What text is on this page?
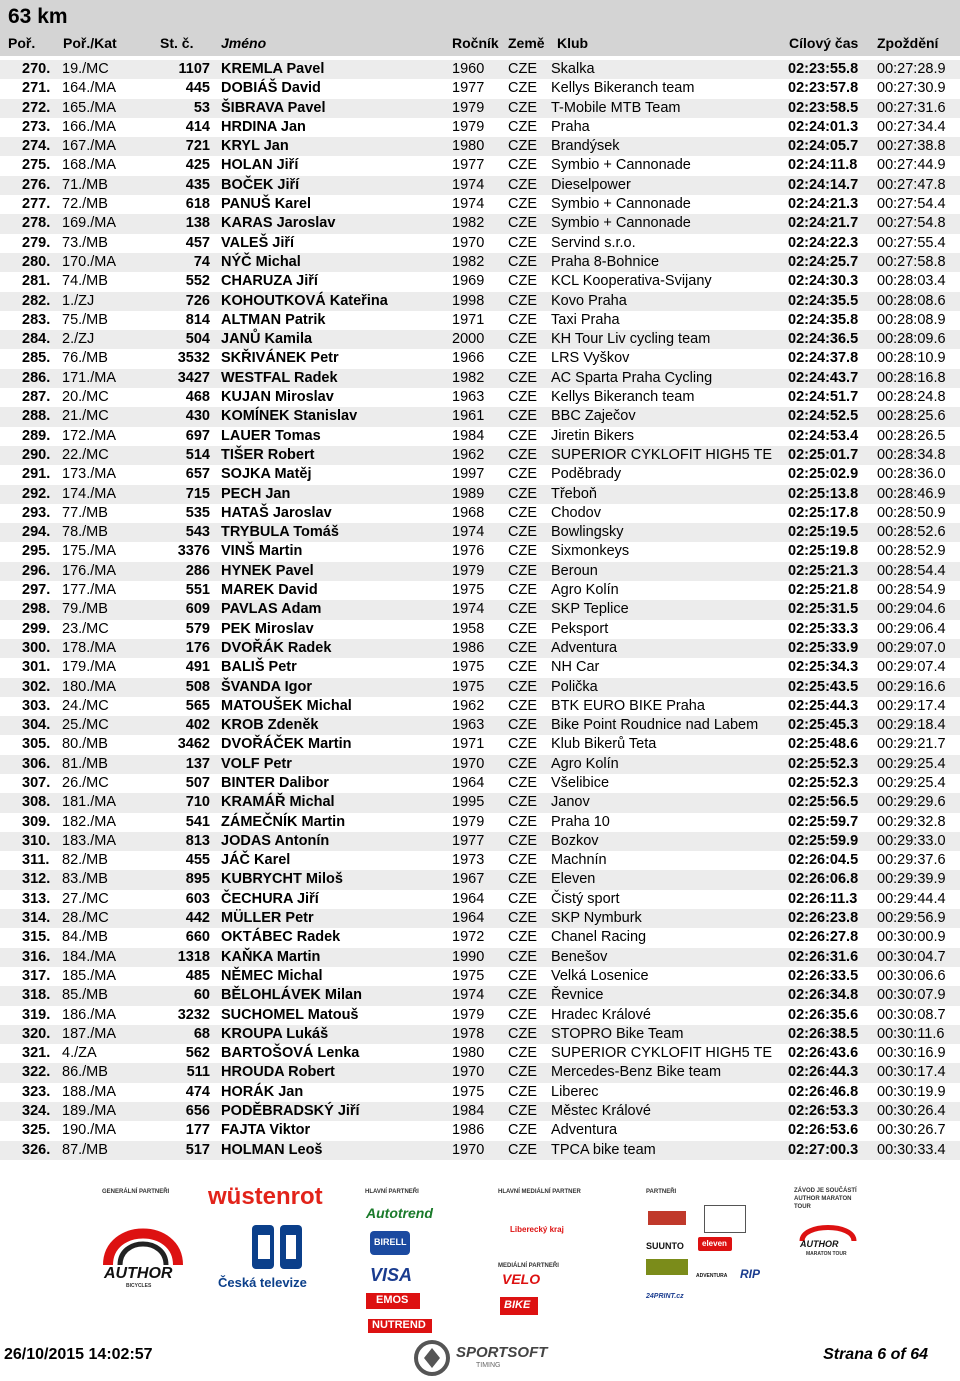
63 km
Poř. Poř./Kat	St. č. Jméno	Ročník Země Klub	Cílový čas Zpoždění
270. 19./MC	1107 KREMLA Pavel	1960 CZE Skalka	02:23:55.8 00:27:28.9
271. 164./MA	445 DOBIÁŠ David	1977 CZE Kellys Bikeranch team	02:23:57.8 00:27:30.9
272. 165./MA	53 ŠIBRAVA Pavel	1979 CZE T-Mobile MTB Team	02:23:58.5 00:27:31.6
273. 166./MA	414 HRDINA Jan	1979 CZE Praha	02:24:01.3 00:27:34.4
274. 167./MA	721 KRYL Jan	1980 CZE Brandýsek	02:24:05.7 00:27:38.8
275. 168./MA	425 HOLAN Jiří	1977 CZE Symbio + Cannonade	02:24:11.8 00:27:44.9
276. 71./MB	435 BOČEK Jiří	1974 CZE Dieselpower	02:24:14.7 00:27:47.8
277. 72./MB	618 PANUŠ Karel	1974 CZE Symbio + Cannonade	02:24:21.3 00:27:54.4
278. 169./MA	138 KARAS Jaroslav	1982 CZE Symbio + Cannonade	02:24:21.7 00:27:54.8
279. 73./MB	457 VALEŠ Jiří	1970 CZE Servind s.r.o.	02:24:22.3 00:27:55.4
280. 170./MA	74 NÝČ Michal	1982 CZE Praha 8-Bohnice	02:24:25.7 00:27:58.8
281. 74./MB	552 CHARUZA Jiří	1969 CZE KCL Kooperativa-Svijany	02:24:30.3 00:28:03.4
282. 1./ZJ	726 KOHOUTKOVÁ Kateřina	1998 CZE Kovo Praha	02:24:35.5 00:28:08.6
283. 75./MB	814 ALTMAN Patrik	1971 CZE Taxi Praha	02:24:35.8 00:28:08.9
284. 2./ZJ	504 JANŮ Kamila	2000 CZE KH Tour Liv cycling team	02:24:36.5 00:28:09.6
285. 76./MB	3532 SKŘIVÁNEK Petr	1966 CZE LRS Vyškov	02:24:37.8 00:28:10.9
286. 171./MA	3427 WESTFAL Radek	1982 CZE AC Sparta Praha Cycling	02:24:43.7 00:28:16.8
287. 20./MC	468 KUJAN Miroslav	1963 CZE Kellys Bikeranch team	02:24:51.7 00:28:24.8
288. 21./MC	430 KOMÍNEK Stanislav	1961 CZE BBC Zaječov	02:24:52.5 00:28:25.6
289. 172./MA	697 LAUER Tomas	1984 CZE Jiretin Bikers	02:24:53.4 00:28:26.5
290. 22./MC	514 TIŠER Robert	1962 CZE SUPERIOR CYKLOFIT HIGH5 TE 02:25:01.7 00:28:34.8
291. 173./MA	657 SOJKA Matěj	1997 CZE Poděbrady	02:25:02.9 00:28:36.0
292. 174./MA	715 PECH Jan	1989 CZE Třeboň	02:25:13.8 00:28:46.9
293. 77./MB	535 HATAŠ Jaroslav	1968 CZE Chodov	02:25:17.8 00:28:50.9
294. 78./MB	543 TRYBULA Tomáš	1974 CZE Bowlingsky	02:25:19.5 00:28:52.6
295. 175./MA	3376 VINŠ Martin	1976 CZE Sixmonkeys	02:25:19.8 00:28:52.9
296. 176./MA	286 HYNEK Pavel	1979 CZE Beroun	02:25:21.3 00:28:54.4
297. 177./MA	551 MAREK David	1975 CZE Agro Kolín	02:25:21.8 00:28:54.9
298. 79./MB	609 PAVLAS Adam	1974 CZE SKP Teplice	02:25:31.5 00:29:04.6
299. 23./MC	579 PEK Miroslav	1958 CZE Peksport	02:25:33.3 00:29:06.4
300. 178./MA	176 DVOŘÁK Radek	1986 CZE Adventura	02:25:33.9 00:29:07.0
301. 179./MA	491 BALIŠ Petr	1975 CZE NH Car	02:25:34.3 00:29:07.4
302. 180./MA	508 ŠVANDA Igor	1975 CZE Polička	02:25:43.5 00:29:16.6
303. 24./MC	565 MATOUŠEK Michal	1962 CZE BTK EURO BIKE Praha	02:25:44.3 00:29:17.4
304. 25./MC	402 KROB Zdeněk	1963 CZE Bike Point Roudnice nad Labem 02:25:45.3 00:29:18.4
305. 80./MB	3462 DVOŘÁČEK Martin	1971 CZE Klub Bikerů Teta	02:25:48.6 00:29:21.7
306. 81./MB	137 VOLF Petr	1970 CZE Agro Kolín	02:25:52.3 00:29:25.4
307. 26./MC	507 BINTER Dalibor	1964 CZE Všelibice	02:25:52.3 00:29:25.4
308. 181./MA	710 KRAMÁŘ Michal	1995 CZE Janov	02:25:56.5 00:29:29.6
309. 182./MA	541 ZÁMEČNÍK Martin	1979 CZE Praha 10	02:25:59.7 00:29:32.8
310. 183./MA	813 JODAS Antonín	1977 CZE Bozkov	02:25:59.9 00:29:33.0
311. 82./MB	455 JÁČ Karel	1973 CZE Machnín	02:26:04.5 00:29:37.6
312. 83./MB	895 KUBRYCHT Miloš	1967 CZE Eleven	02:26:06.8 00:29:39.9
313. 27./MC	603 ČECHURA Jiří	1964 CZE Čistý sport	02:26:11.3 00:29:44.4
314. 28./MC	442 MÜLLER Petr	1964 CZE SKP Nymburk	02:26:23.8 00:29:56.9
315. 84./MB	660 OKTÁBEC Radek	1972 CZE Chanel Racing	02:26:27.8 00:30:00.9
316. 184./MA	1318 KAŇKA Martin	1990 CZE Benešov	02:26:31.6 00:30:04.7
317. 185./MA	485 NĚMEC Michal	1975 CZE Velká Losenice	02:26:33.5 00:30:06.6
318. 85./MB	60 BĚLOHLÁVEK Milan	1974 CZE Řevnice	02:26:34.8 00:30:07.9
319. 186./MA	3232 SUCHOMEL Matouš	1979 CZE Hradec Králové	02:26:35.6 00:30:08.7
320. 187./MA	68 KROUPA Lukáš	1978 CZE STOPRO Bike Team	02:26:38.5 00:30:11.6
321. 4./ZA	562 BARTOŠOVÁ Lenka	1980 CZE SUPERIOR CYKLOFIT HIGH5 TE 02:26:43.6 00:30:16.9
322. 86./MB	511 HROUDA Robert	1970 CZE Mercedes-Benz Bike team	02:26:44.3 00:30:17.4
323. 188./MA	474 HORÁK Jan	1975 CZE Liberec	02:26:46.8 00:30:19.9
324. 189./MA	656 PODĚBRADSKÝ Jiří	1984 CZE Městec Králové	02:26:53.3 00:30:26.4
325. 190./MA	177 FAJTA Viktor	1986 CZE Adventura	02:26:53.6 00:30:26.7
326. 87./MB	517 HOLMAN Leoš	1970 CZE TPCA bike team	02:27:00.3 00:30:33.4
GENERÁLNÍ PARTNEŘI
AUTHOR
BICYCLES
wüstenrot
Česká televize
HLAVNÍ PARTNEŘI
Autotrend
BIRELL
VISA
EMOS
NUTREND
HLAVNÍ MEDIÁLNÍ PARTNER
Liberecký kraj
MEDIÁLNÍ PARTNEŘI
VELO
BIKE
PARTNEŘI
SUUNTO eleven
ADVENTURA RIP
24PRINT.cz
ZÁVOD JE SOUČÁSTÍ AUTHOR MARATON TOUR
AUTHOR
MARATON TOUR
26/10/2015 14:02:57	SPORTSOFT
TIMING
Strana 6 of 64
